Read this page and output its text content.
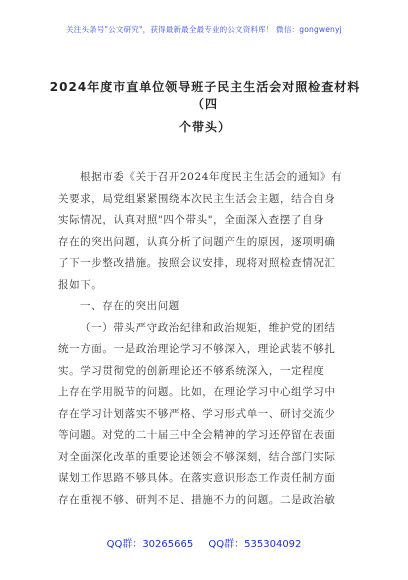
关注头条号"公文研究"，获得最新最全最专业的公文资料库！ 微信：gongwenyj
2024年度市直单位领导班子民主生活会对照检查材料（四
个带头）
根据市委《关于召开2024年度民主生活会的通知》有
关要求，局党组紧紧围绕本次民主生活会主题，结合自身
实际情况，认真对照"四个带头"，全面深入查摆了自身
存在的突出问题，认真分析了问题产生的原因，逐项明确
了下一步整改措施。按照会议安排，现将对照检查情况汇
报如下。
一、存在的突出问题
（一）带头严守政治纪律和政治规矩，维护党的团结
统一方面。一是政治理论学习不够深入，理论武装不够扎
实。学习贯彻党的创新理论还不够系统深入，一定程度
上存在学用脱节的问题。比如，在理论学习中心组学习中
存在学习计划落实不够严格、学习形式单一、研讨交流少
等问题。对党的二十届三中全会精神的学习还停留在表面
对全面深化改革的重要论述领会不够深刻，结合部门实际
谋划工作思路不够具体。在落实意识形态工作责任制方面
存在重视不够、研判不足、措施不力的问题。二是政治敏
QQ群：30265665 QQ群：535304092
